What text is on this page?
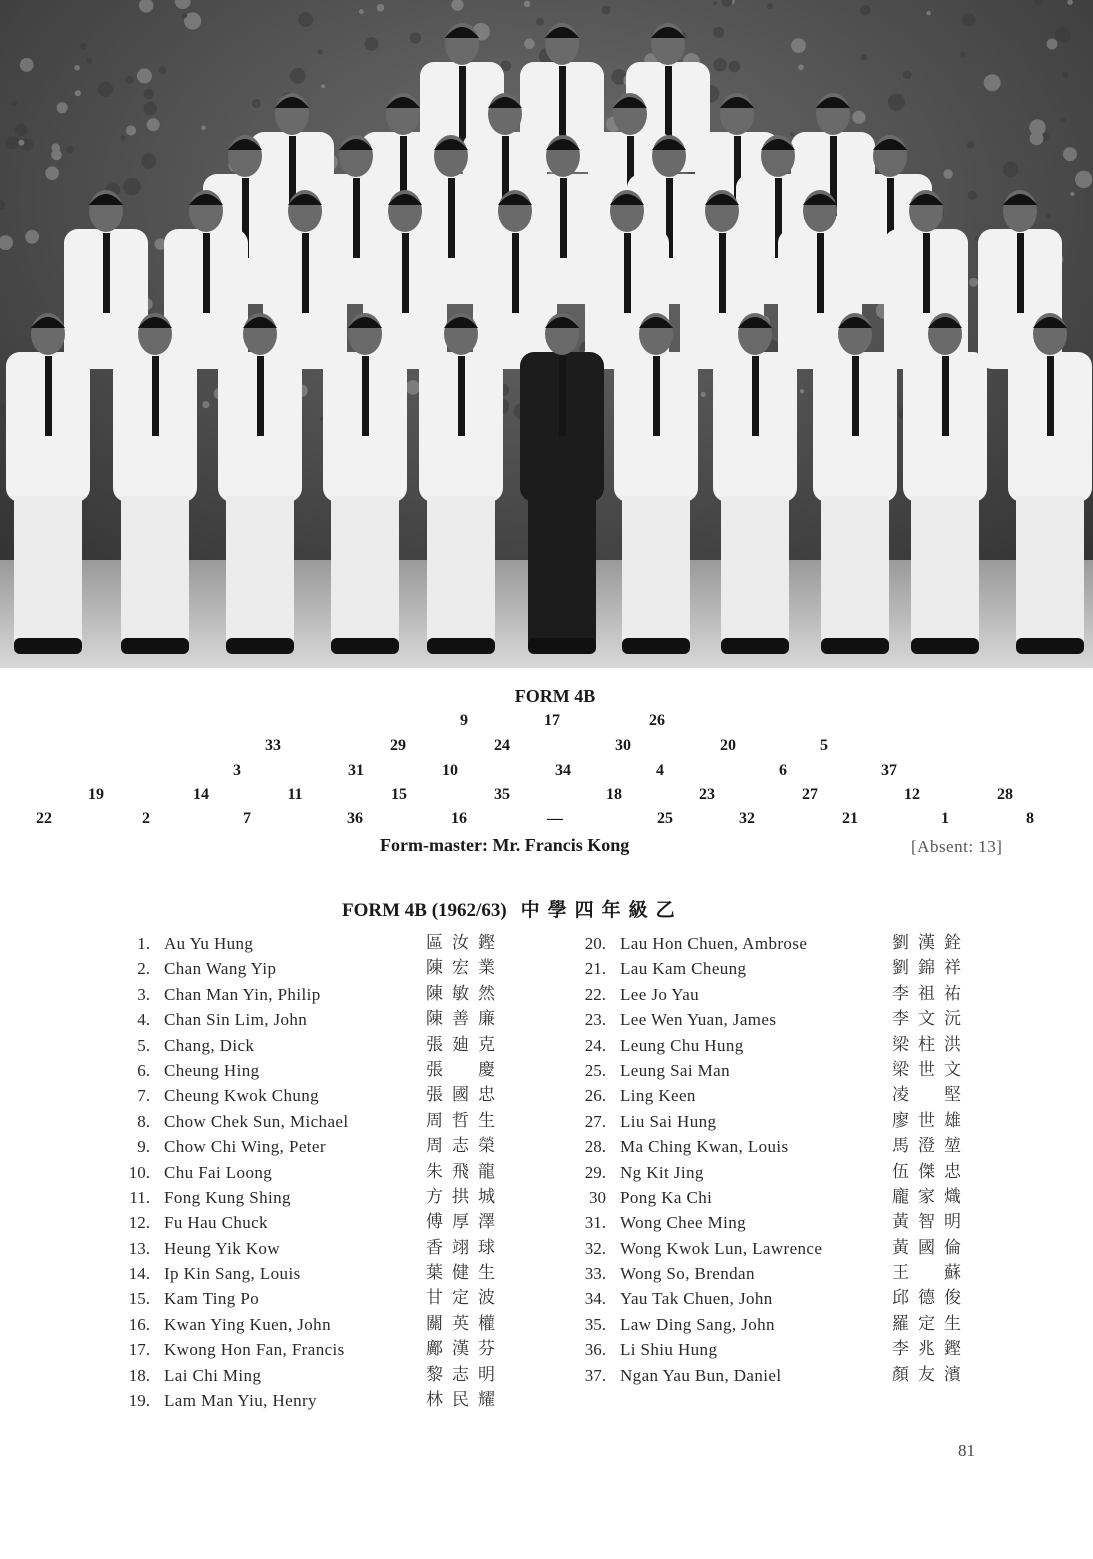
FORM 4B
9	17	26
33	29	24	30	20	5
3	31	10	34	4	6	37
19	14	11	15	35	18	23	27	12	28
22	2	7	36	16	—	25	32	21	1	8
Form-master: Mr. Francis Kong	[Absent: 13]
FORM 4B (1962/63) 中學四年級乙
1. Au Yu Hung	區汝鏗
2. Chan Wang Yip	陳宏業
3. Chan Man Yin, Philip	陳敏然
4. Chan Sin Lim, John	陳善廉
5. Chang, Dick	張廸克
6. Cheung Hing	張　慶
7. Cheung Kwok Chung	張國忠
8. Chow Chek Sun, Michael	周哲生
9. Chow Chi Wing, Peter	周志榮
10. Chu Fai Loong	朱飛龍
11. Fong Kung Shing	方拱城
12. Fu Hau Chuck	傅厚澤
13. Heung Yik Kow	香翊球
14. Ip Kin Sang, Louis	葉健生
15. Kam Ting Po	甘定波
16. Kwan Ying Kuen, John	關英權
17. Kwong Hon Fan, Francis	鄺漢芬
18. Lai Chi Ming	黎志明
19. Lam Man Yiu, Henry	林民耀
20. Lau Hon Chuen, Ambrose	劉漢銓
21. Lau Kam Cheung	劉錦祥
22. Lee Jo Yau	李祖祐
23. Lee Wen Yuan, James	李文沅
24. Leung Chu Hung	梁柱洪
25. Leung Sai Man	梁世文
26. Ling Keen	凌　堅
27. Liu Sai Hung	廖世雄
28. Ma Ching Kwan, Louis	馬澄堃
29. Ng Kit Jing	伍傑忠
30 Pong Ka Chi	龐家熾
31. Wong Chee Ming	黃智明
32. Wong Kwok Lun, Lawrence	黃國倫
33. Wong So, Brendan	王　蘇
34. Yau Tak Chuen, John	邱德俊
35. Law Ding Sang, John	羅定生
36. Li Shiu Hung	李兆鏗
37. Ngan Yau Bun, Daniel	顏友濱
81
